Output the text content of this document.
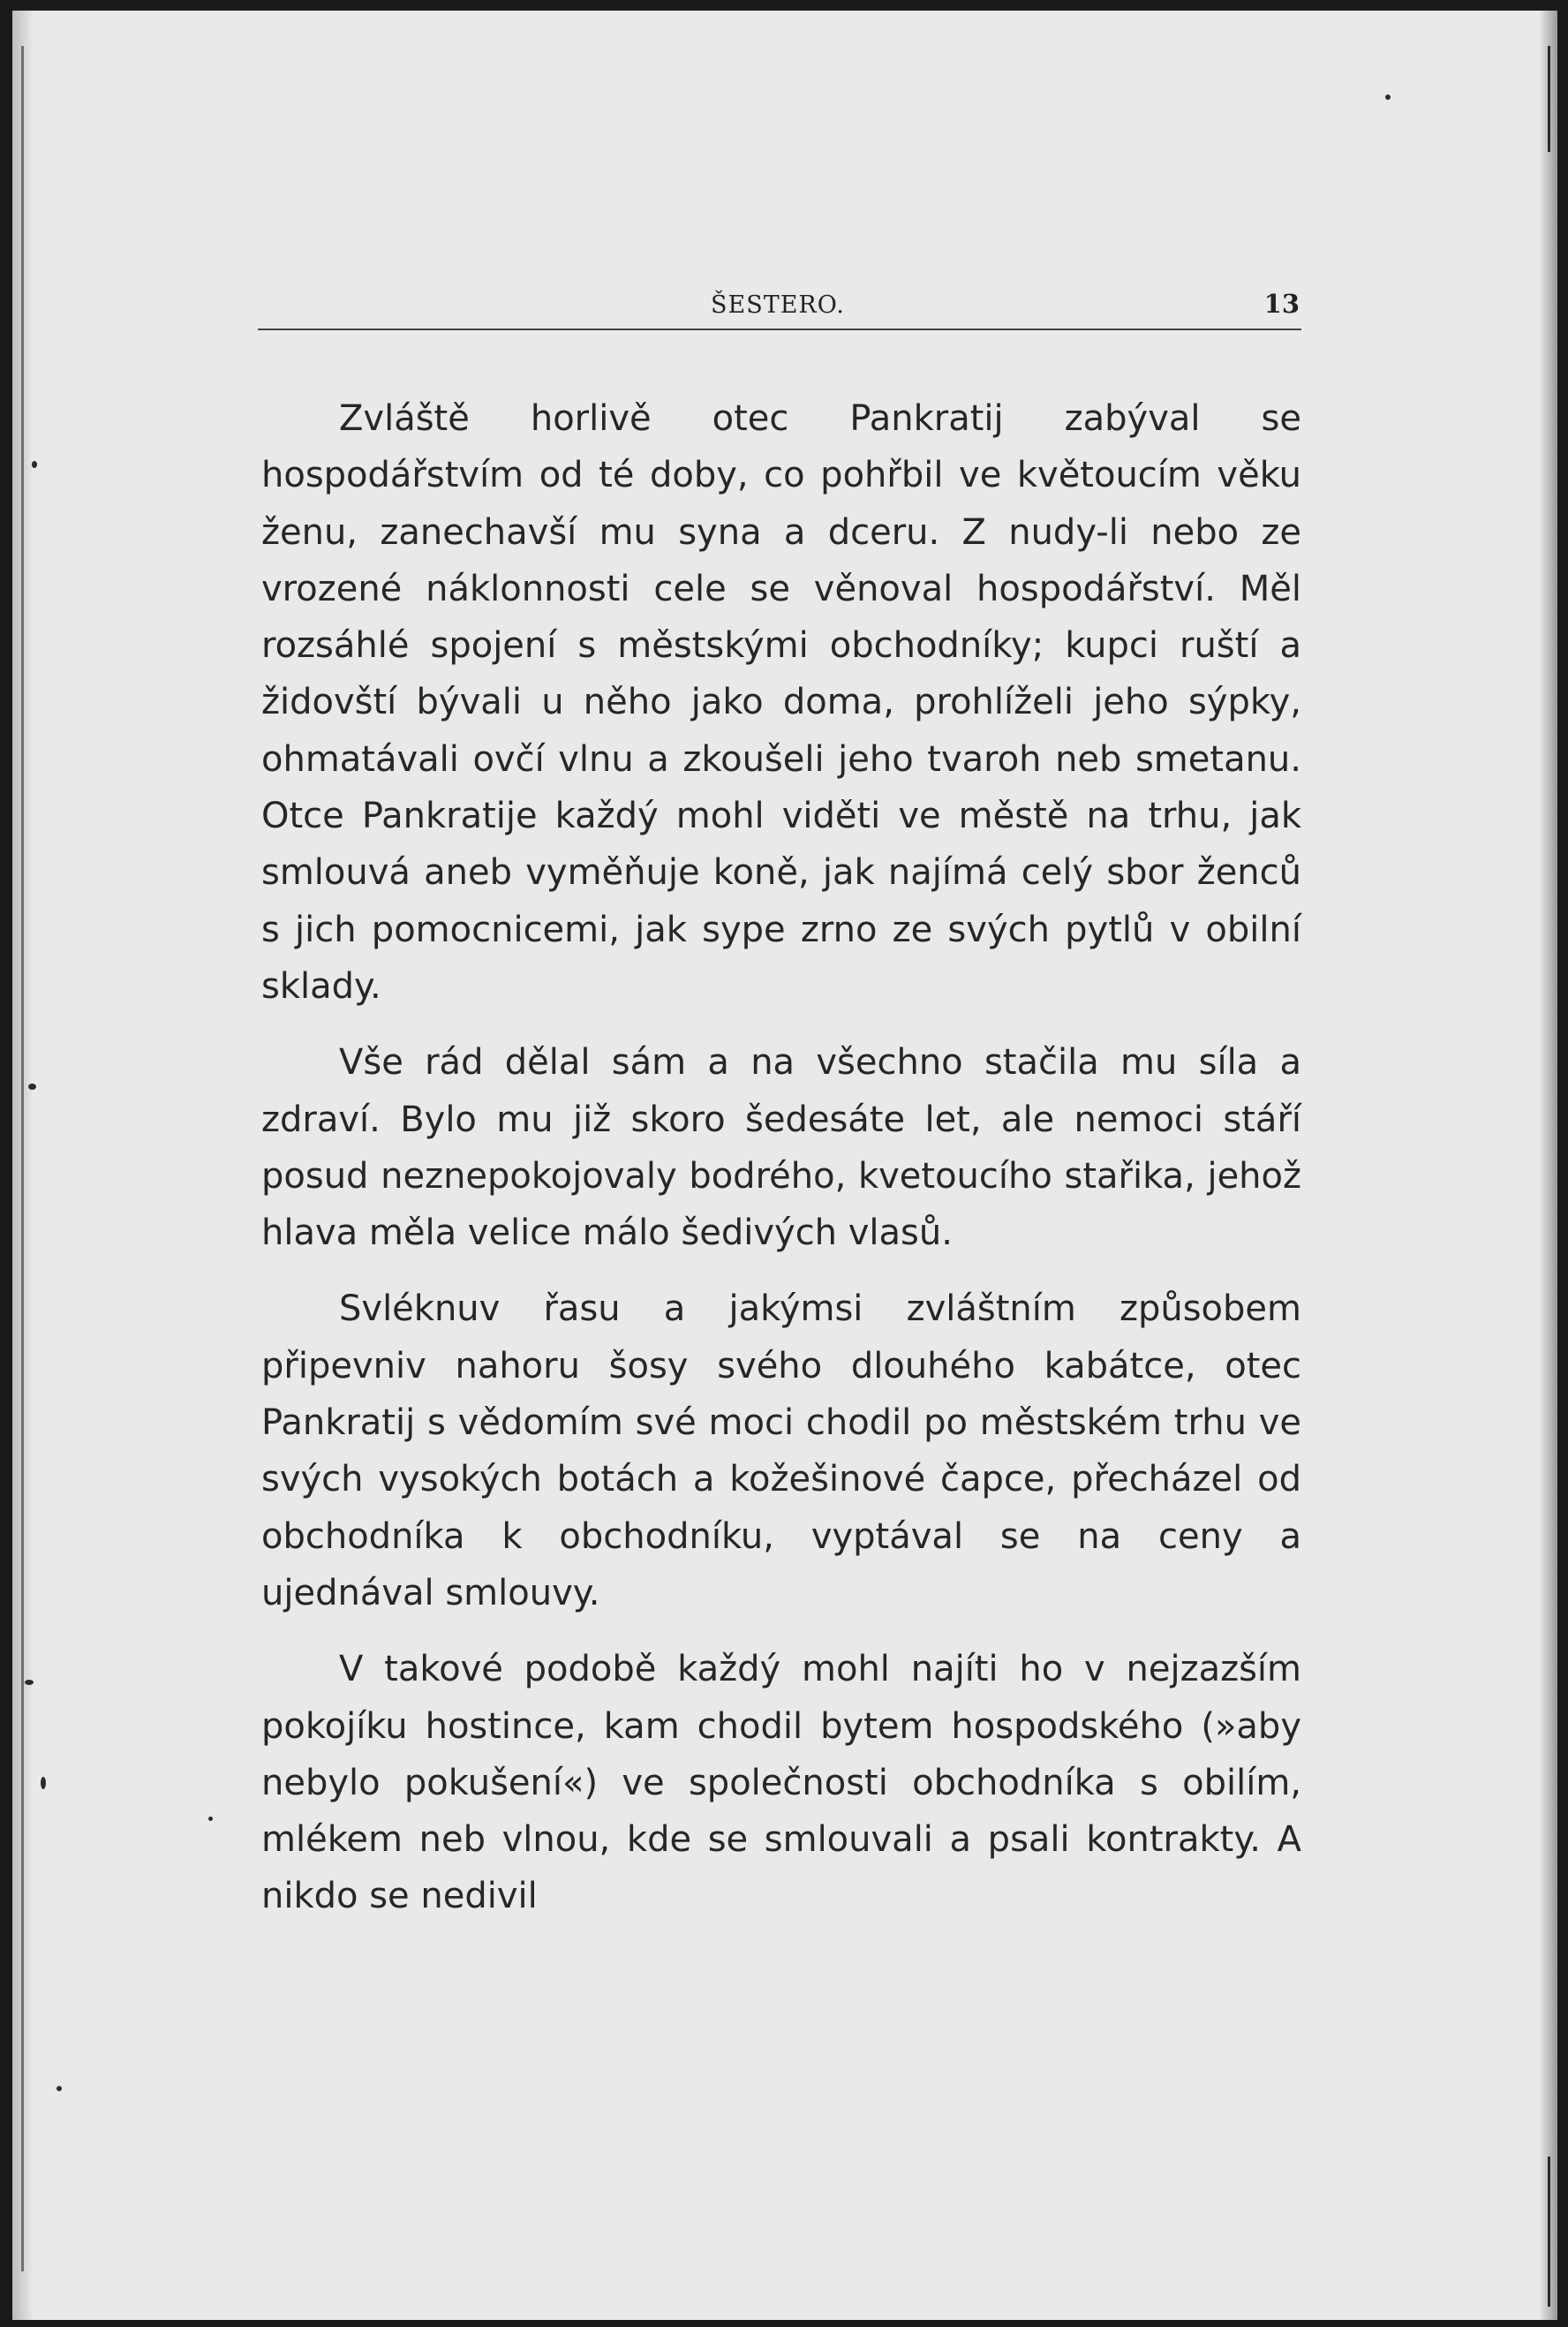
ŠESTERO.	13

Zvláště horlivě otec Pankratij zabýval se hospodářstvím od té doby, co pohřbil ve květoucím věku ženu, zanechavší mu syna a dceru. Z nudy-li nebo ze vrozené náklonnosti cele se věnoval hospodářství. Měl rozsáhlé spojení s městskými obchodníky; kupci ruští a židovští bývali u něho jako doma, prohlíželi jeho sýpky, ohmatávali ovčí vlnu a zkoušeli jeho tvaroh neb smetanu. Otce Pankratije každý mohl viděti ve městě na trhu, jak smlouvá aneb vyměňuje koně, jak najímá celý sbor ženců s jich pomocnicemi, jak sype zrno ze svých pytlů v obilní sklady.

Vše rád dělal sám a na všechno stačila mu síla a zdraví. Bylo mu již skoro šedesáte let, ale nemoci stáří posud neznepokojovaly bodrého, kvetoucího stařika, jehož hlava měla velice málo šedivých vlasů.

Svléknuv řasu a jakýmsi zvláštním způsobem připevniv nahoru šosy svého dlouhého kabátce, otec Pankratij s vědomím své moci chodil po městském trhu ve svých vysokých botách a kožešinové čapce, přecházel od obchodníka k obchodníku, vyptával se na ceny a ujednával smlouvy.

V takové podobě každý mohl najíti ho v nejzazším pokojíku hostince, kam chodil bytem hospodského (»aby nebylo pokušení«) ve společnosti obchodníka s obilím, mlékem neb vlnou, kde se smlouvali a psali kontrakty. A nikdo se nedivil
